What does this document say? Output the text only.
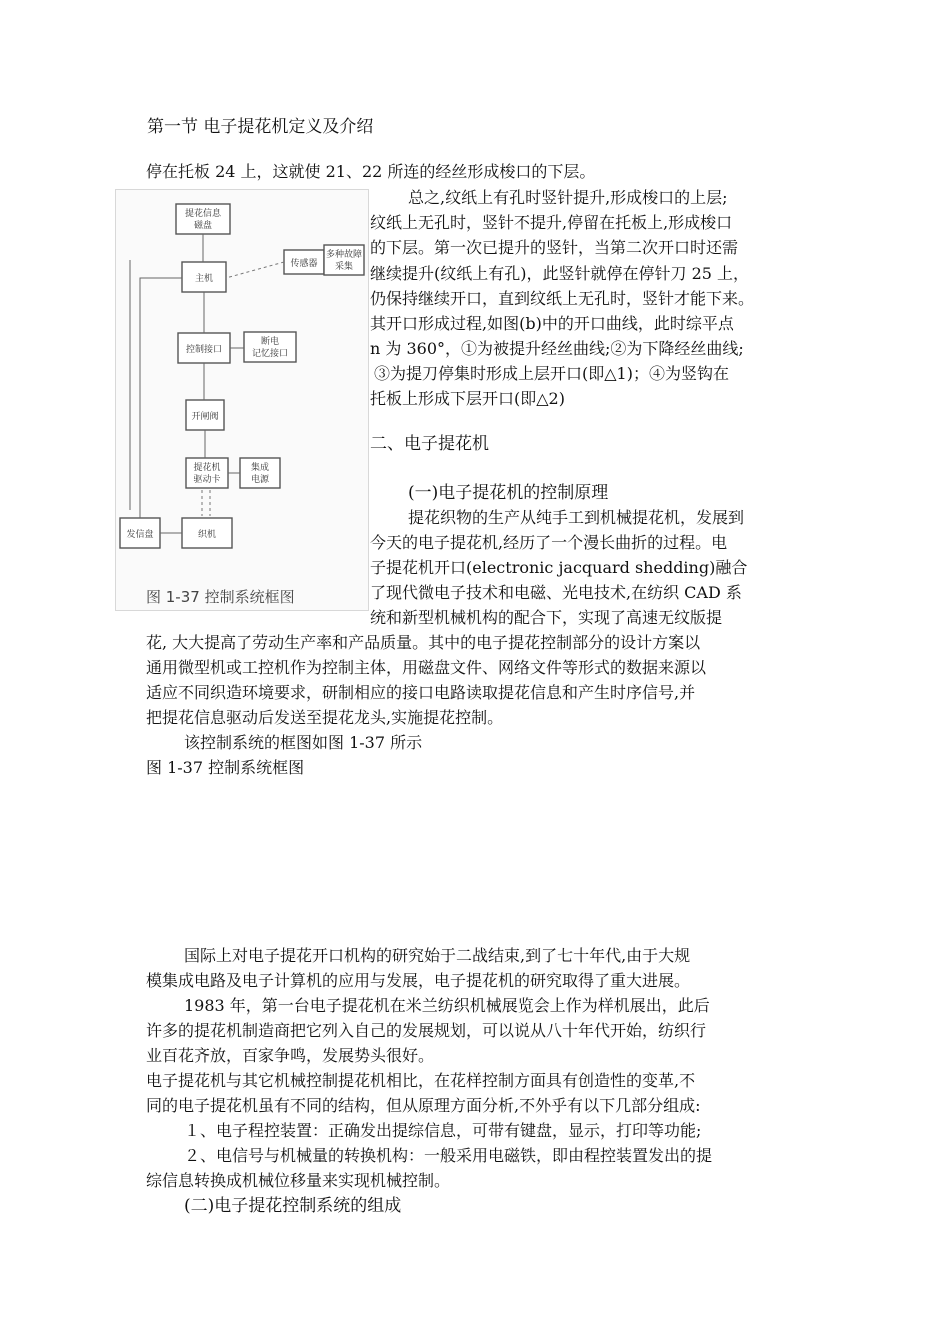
第一节 电子提花机定义及介绍
停在托板 24 上，这就使 21、22 所连的经丝形成梭口的下层。
提花信息
磁盘
传感器
多种故障
采集
主机
控制接口
断电
记忆接口
开闸阀
提花机
驱动卡
集成
电源
发信盘	织机
图 1-37 控制系统框图
总之,纹纸上有孔时竖针提升,形成梭口的上层;
纹纸上无孔时，竖针不提升,停留在托板上,形成梭口
的下层。第一次已提升的竖针，当第二次开口时还需
继续提升(纹纸上有孔)，此竖针就停在停针刀 25 上，
仍保持继续开口，直到纹纸上无孔时，竖针才能下来。
其开口形成过程,如图(b)中的开口曲线，此时综平点
n 为 360°，①为被提升经丝曲线;②为下降经丝曲线;
③为提刀停集时形成上层开口(即△1)；④为竖钩在
托板上形成下层开口(即△2)
二、电子提花机
(一)电子提花机的控制原理
提花织物的生产从纯手工到机械提花机，发展到
今天的电子提花机,经历了一个漫长曲折的过程。电
子提花机开口(electronic jacquard shedding)融合
了现代微电子技术和电磁、光电技术,在纺织 CAD 系
统和新型机械机构的配合下，实现了高速无纹版提
花, 大大提高了劳动生产率和产品质量。其中的电子提花控制部分的设计方案以
通用微型机或工控机作为控制主体，用磁盘文件、网络文件等形式的数据来源以
适应不同织造环境要求，研制相应的接口电路读取提花信息和产生时序信号,并
把提花信息驱动后发送至提花龙头,实施提花控制。
该控制系统的框图如图 1-37 所示
图 1-37 控制系统框图
国际上对电子提花开口机构的研究始于二战结束,到了七十年代,由于大规
模集成电路及电子计算机的应用与发展，电子提花机的研究取得了重大进展。
1983 年，第一台电子提花机在米兰纺织机械展览会上作为样机展出，此后
许多的提花机制造商把它列入自己的发展规划，可以说从八十年代开始，纺织行
业百花齐放，百家争鸣，发展势头很好。
电子提花机与其它机械控制提花机相比，在花样控制方面具有创造性的变革,不
同的电子提花机虽有不同的结构，但从原理方面分析,不外乎有以下几部分组成:
１、电子程控装置：正确发出提综信息，可带有键盘，显示，打印等功能;
２、电信号与机械量的转换机构：一般采用电磁铁，即由程控装置发出的提
综信息转换成机械位移量来实现机械控制。
(二)电子提花控制系统的组成
